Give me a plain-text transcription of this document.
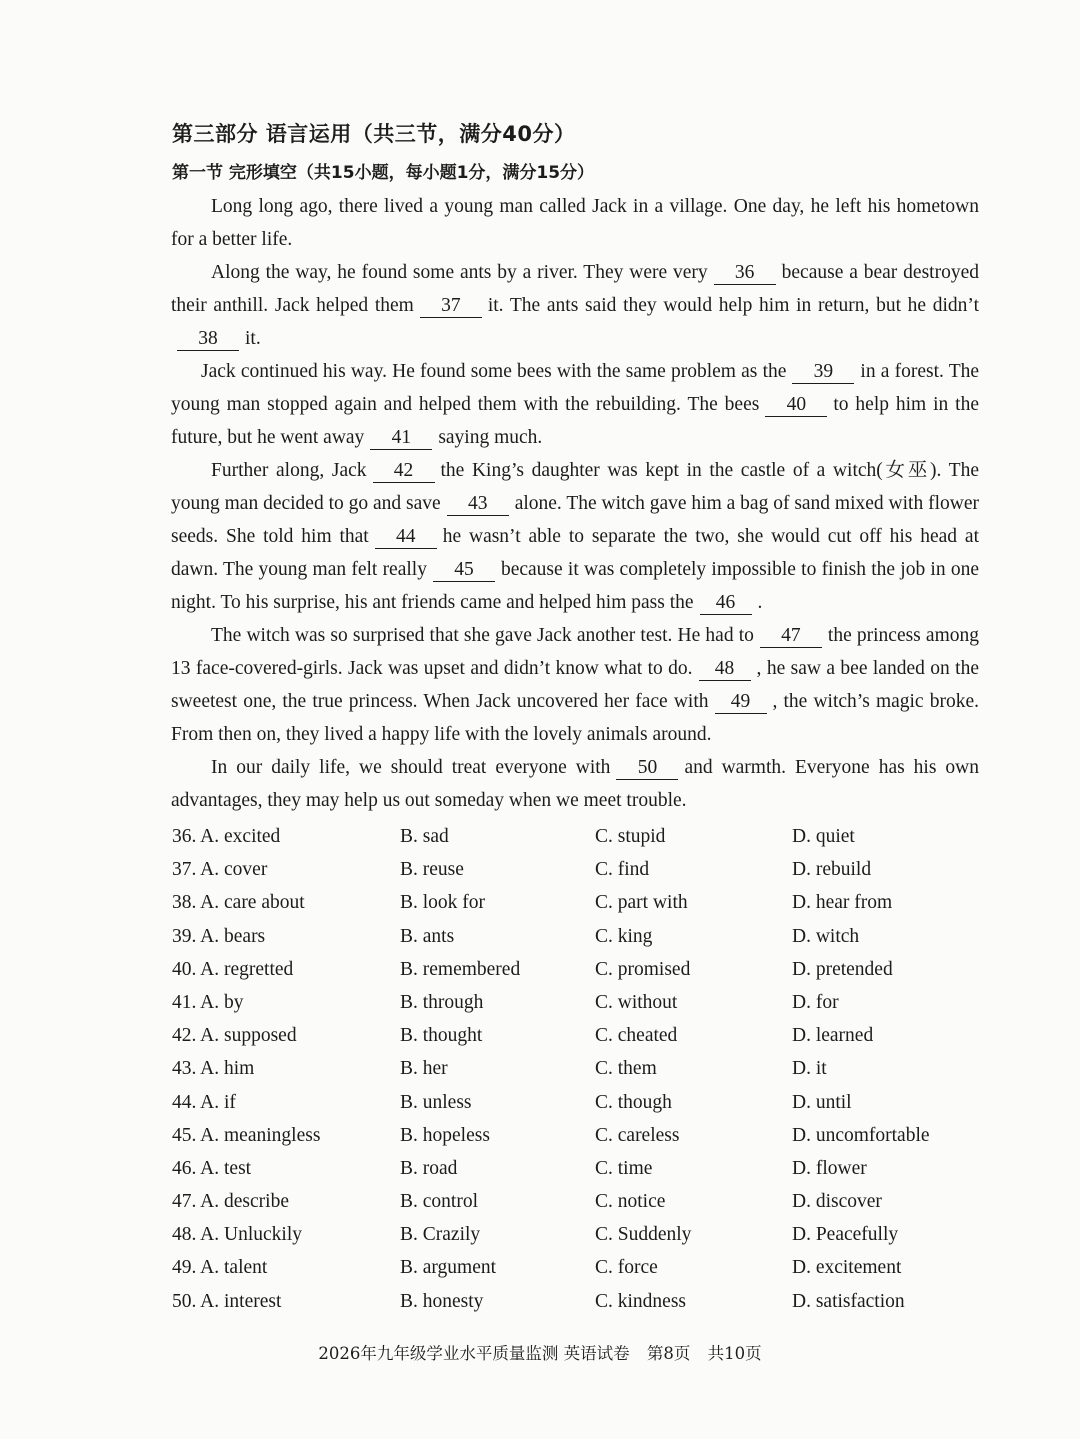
第三部分 语言运用（共三节，满分40分）
第一节 完形填空（共15小题，每小题1分，满分15分）

Long long ago, there lived a young man called Jack in a village. One day, he left his hometown for a better life.

Along the way, he found some ants by a river. They were very 36 because a bear destroyed their anthill. Jack helped them 37 it. The ants said they would help him in return, but he didn’t38 it.

Jack continued his way. He found some bees with the same problem as the 39 in a forest. The young man stopped again and helped them with the rebuilding. The bees 40 to help him in the future, but he went away 41 saying much.

Further along, Jack 42 the King’s daughter was kept in the castle of a witch(女巫). The young man decided to go and save 43 alone. The witch gave him a bag of sand mixed with flower seeds. She told him that 44 he wasn’t able to separate the two, she would cut off his head at dawn. The young man felt really 45 because it was completely impossible to finish the job in one night. To his surprise, his ant friends came and helped him pass the 46 .

The witch was so surprised that she gave Jack another test. He had to 47 the princess among 13 face-covered-girls. Jack was upset and didn’t know what to do. 48 , he saw a bee landed on the sweetest one, the true princess. When Jack uncovered her face with 49 , the witch’s magic broke. From then on, they lived a happy life with the lovely animals around.

In our daily life, we should treat everyone with 50 and warmth. Everyone has his own advantages, they may help us out someday when we meet trouble.

36. A. excited	B. sad	C. stupid	D. quiet
37. A. cover	B. reuse	C. find	D. rebuild
38. A. care about	B. look for	C. part with	D. hear from
39. A. bears	B. ants	C. king	D. witch
40. A. regretted	B. remembered	C. promised	D. pretended
41. A. by	B. through	C. without	D. for
42. A. supposed	B. thought	C. cheated	D. learned
43. A. him	B. her	C. them	D. it
44. A. if	B. unless	C. though	D. until
45. A. meaningless	B. hopeless	C. careless	D. uncomfortable
46. A. test	B. road	C. time	D. flower
47. A. describe	B. control	C. notice	D. discover
48. A. Unluckily	B. Crazily	C. Suddenly	D. Peacefully
49. A. talent	B. argument	C. force	D. excitement
50. A. interest	B. honesty	C. kindness	D. satisfaction
2026年九年级学业水平质量监测 英语试卷 第8页 共10页
